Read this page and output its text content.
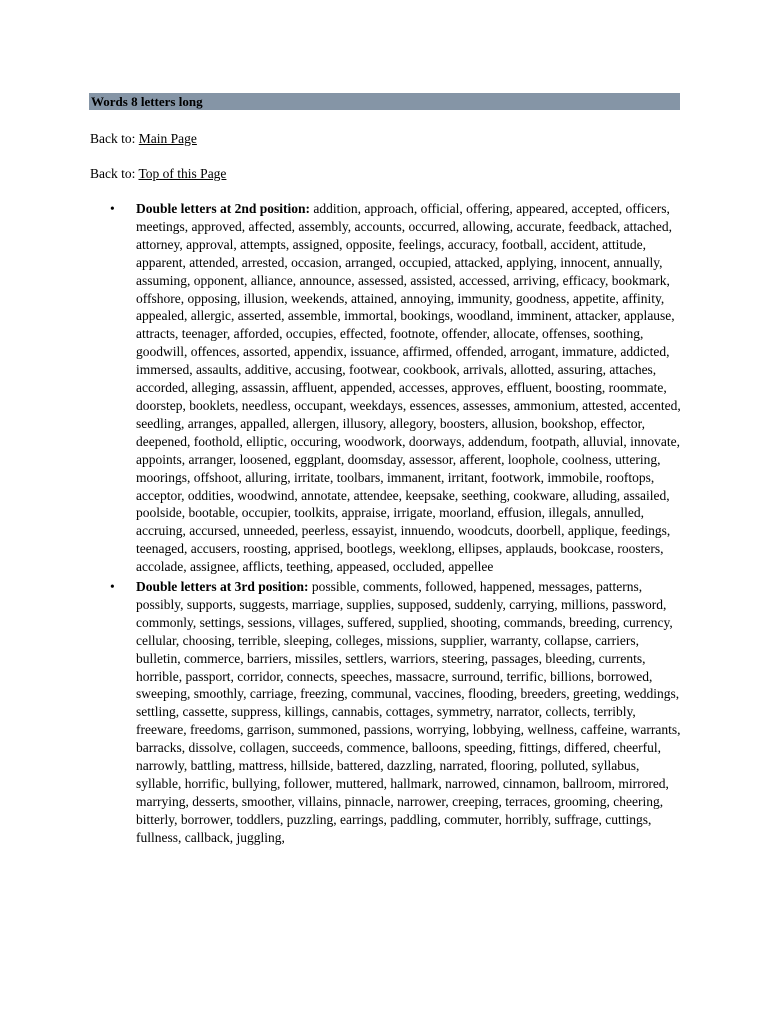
Words 8 letters long
Back to: Main Page
Back to: Top of this Page
• Double letters at 2nd position: addition, approach, official, offering, appeared, accepted, officers, meetings, approved, affected, assembly, accounts, occurred, allowing, accurate, feedback, attached, attorney, approval, attempts, assigned, opposite, feelings, accuracy, football, accident, attitude, apparent, attended, arrested, occasion, arranged, occupied, attacked, applying, innocent, annually, assuming, opponent, alliance, announce, assessed, assisted, accessed, arriving, efficacy, bookmark, offshore, opposing, illusion, weekends, attained, annoying, immunity, goodness, appetite, affinity, appealed, allergic, asserted, assemble, immortal, bookings, woodland, imminent, attacker, applause, attracts, teenager, afforded, occupies, effected, footnote, offender, allocate, offenses, soothing, goodwill, offences, assorted, appendix, issuance, affirmed, offended, arrogant, immature, addicted, immersed, assaults, additive, accusing, footwear, cookbook, arrivals, allotted, assuring, attaches, accorded, alleging, assassin, affluent, appended, accesses, approves, effluent, boosting, roommate, doorstep, booklets, needless, occupant, weekdays, essences, assesses, ammonium, attested, accented, seedling, arranges, appalled, allergen, illusory, allegory, boosters, allusion, bookshop, effector, deepened, foothold, elliptic, occuring, woodwork, doorways, addendum, footpath, alluvial, innovate, appoints, arranger, loosened, eggplant, doomsday, assessor, afferent, loophole, coolness, uttering, moorings, offshoot, alluring, irritate, toolbars, immanent, irritant, footwork, immobile, rooftops, acceptor, oddities, woodwind, annotate, attendee, keepsake, seething, cookware, alluding, assailed, poolside, bootable, occupier, toolkits, appraise, irrigate, moorland, effusion, illegals, annulled, accruing, accursed, unneeded, peerless, essayist, innuendo, woodcuts, doorbell, applique, feedings, teenaged, accusers, roosting, apprised, bootlegs, weeklong, ellipses, applauds, bookcase, roosters, accolade, assignee, afflicts, teething, appeased, occluded, appellee
• Double letters at 3rd position: possible, comments, followed, happened, messages, patterns, possibly, supports, suggests, marriage, supplies, supposed, suddenly, carrying, millions, password, commonly, settings, sessions, villages, suffered, supplied, shooting, commands, breeding, currency, cellular, choosing, terrible, sleeping, colleges, missions, supplier, warranty, collapse, carriers, bulletin, commerce, barriers, missiles, settlers, warriors, steering, passages, bleeding, currents, horrible, passport, corridor, connects, speeches, massacre, surround, terrific, billions, borrowed, sweeping, smoothly, carriage, freezing, communal, vaccines, flooding, breeders, greeting, weddings, settling, cassette, suppress, killings, cannabis, cottages, symmetry, narrator, collects, terribly, freeware, freedoms, garrison, summoned, passions, worrying, lobbying, wellness, caffeine, warrants, barracks, dissolve, collagen, succeeds, commence, balloons, speeding, fittings, differed, cheerful, narrowly, battling, mattress, hillside, battered, dazzling, narrated, flooring, polluted, syllabus, syllable, horrific, bullying, follower, muttered, hallmark, narrowed, cinnamon, ballroom, mirrored, marrying, desserts, smoother, villains, pinnacle, narrower, creeping, terraces, grooming, cheering, bitterly, borrower, toddlers, puzzling, earrings, paddling, commuter, horribly, suffrage, cuttings, fullness, callback, juggling,
